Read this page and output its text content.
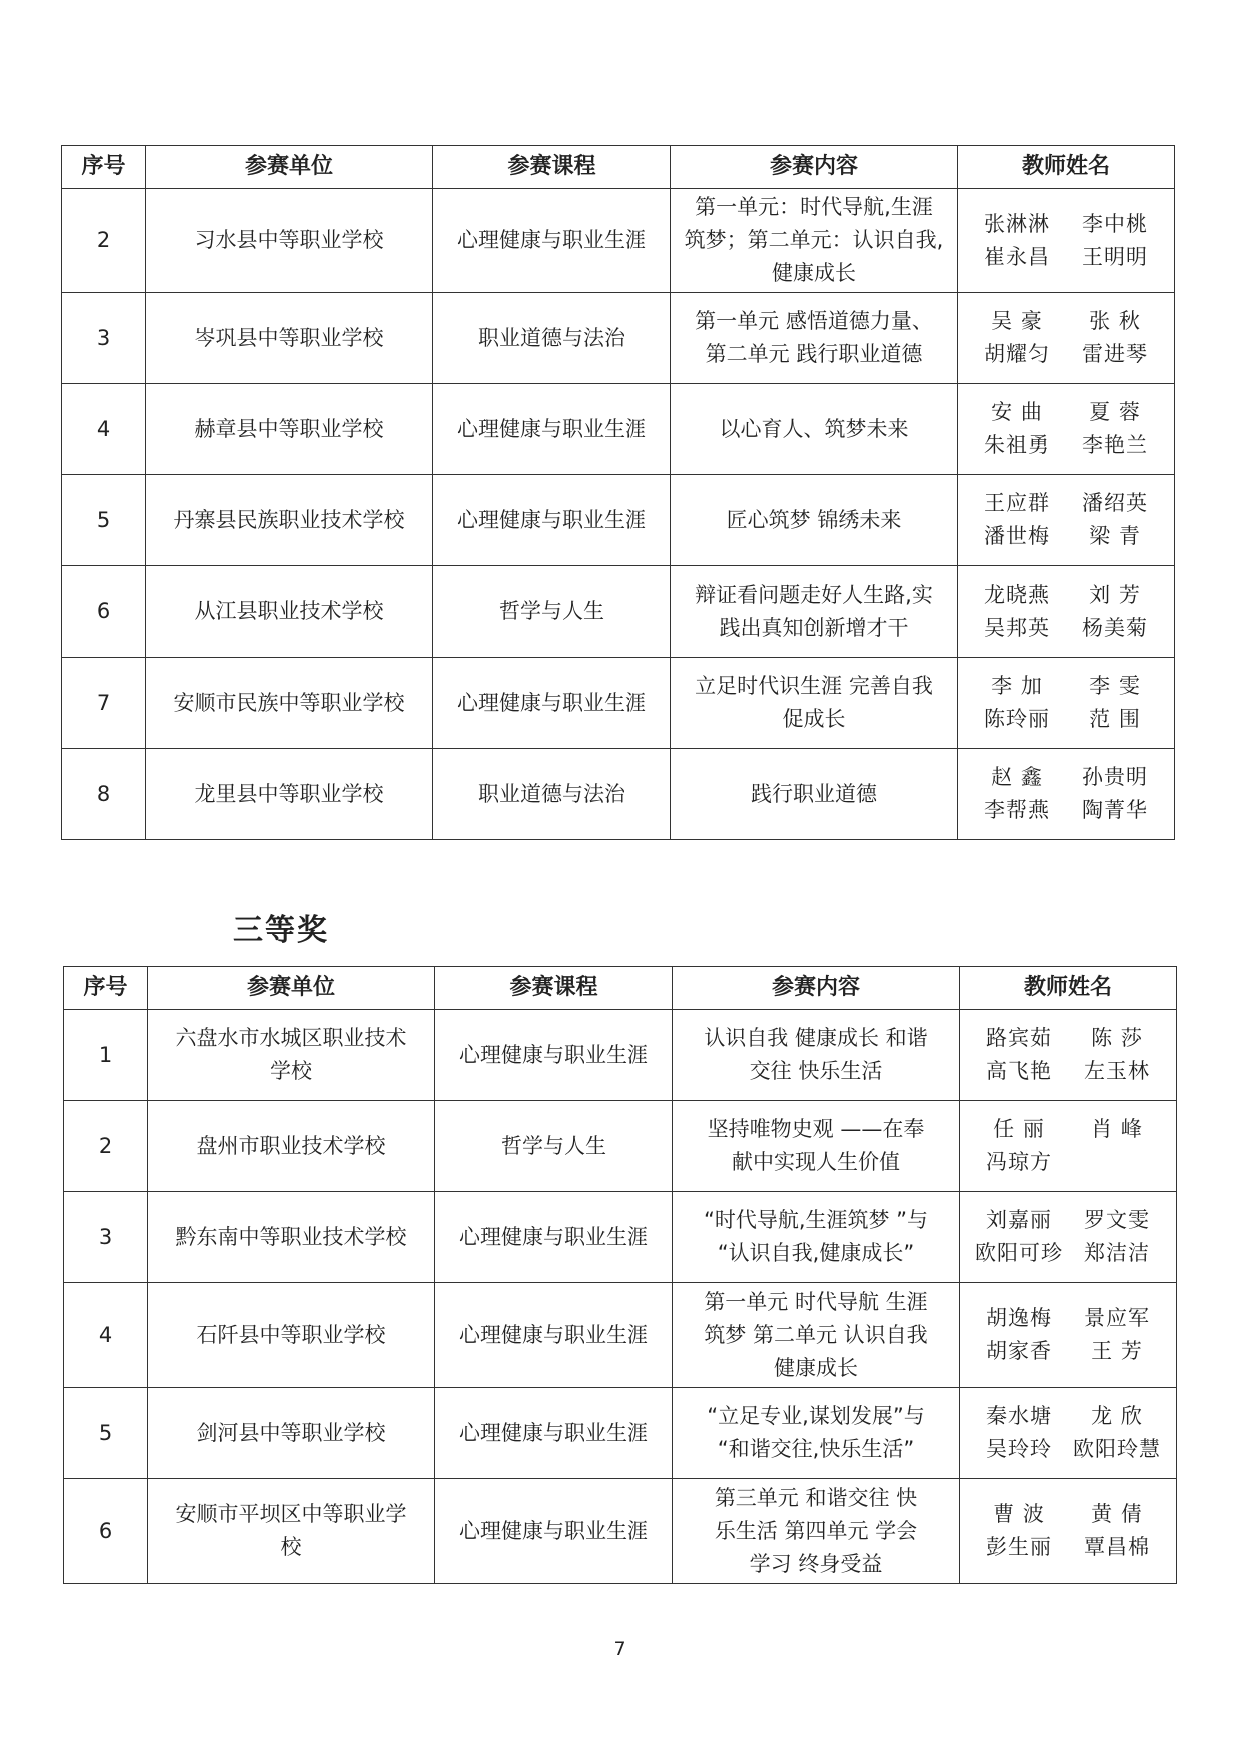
序号	参赛单位	参赛课程	参赛内容	教师姓名
2	习水县中等职业学校	心理健康与职业生涯	第一单元：时代导航,生涯
筑梦；第二单元：认识自我,
健康成长	张淋淋 李中桃
崔永昌 王明明
3	岑巩县中等职业学校	职业道德与法治	第一单元 感悟道德力量、
第二单元 践行职业道德	吴 豪 张 秋
胡耀匀 雷进琴
4	赫章县中等职业学校	心理健康与职业生涯	以心育人、筑梦未来	安 曲 夏 蓉
朱祖勇 李艳兰
5	丹寨县民族职业技术学校	心理健康与职业生涯	匠心筑梦 锦绣未来	王应群 潘绍英
潘世梅 梁 青
6	从江县职业技术学校	哲学与人生	辩证看问题走好人生路,实
践出真知创新增才干	龙晓燕 刘 芳
吴邦英 杨美菊
7	安顺市民族中等职业学校	心理健康与职业生涯	立足时代识生涯 完善自我
促成长	李 加 李 雯
陈玲丽 范 围
8	龙里县中等职业学校	职业道德与法治	践行职业道德	赵 鑫 孙贵明
李帮燕 陶菁华
三等奖
序号	参赛单位	参赛课程	参赛内容	教师姓名
1	六盘水市水城区职业技术
学校	心理健康与职业生涯	认识自我 健康成长 和谐
交往 快乐生活	路宾茹 陈 莎
高飞艳 左玉林
2	盘州市职业技术学校	哲学与人生	坚持唯物史观 ——在奉
献中实现人生价值	任 丽 肖 峰
冯琼方
3	黔东南中等职业技术学校	心理健康与职业生涯	“时代导航,生涯筑梦 ”与
“认识自我,健康成长”	刘嘉丽 罗文雯
欧阳可珍 郑洁洁
4	石阡县中等职业学校	心理健康与职业生涯	第一单元 时代导航 生涯
筑梦 第二单元 认识自我
健康成长	胡逸梅 景应军
胡家香 王 芳
5	剑河县中等职业学校	心理健康与职业生涯	“立足专业,谋划发展”与
“和谐交往,快乐生活”	秦水塘 龙 欣
吴玲玲 欧阳玲慧
6	安顺市平坝区中等职业学
校	心理健康与职业生涯	第三单元 和谐交往 快
乐生活 第四单元 学会
学习 终身受益	曹 波 黄 倩
彭生丽 覃昌棉
7
